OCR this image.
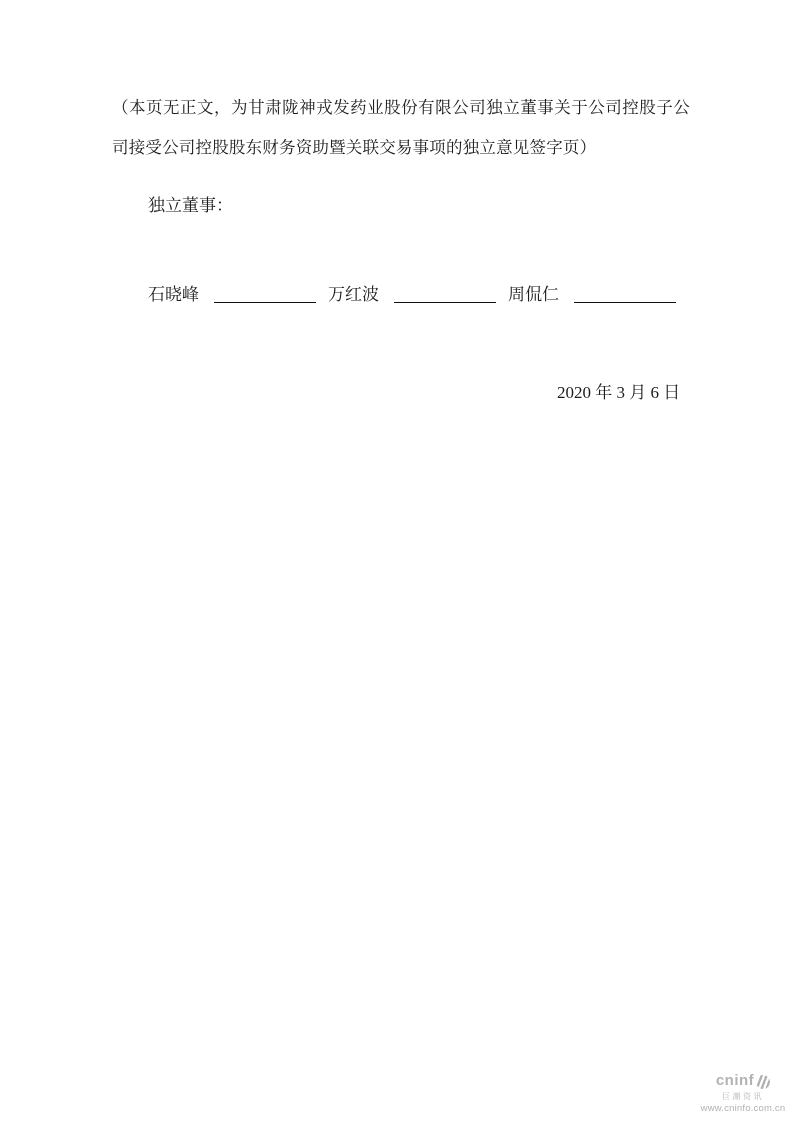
（本页无正文，为甘肃陇神戎发药业股份有限公司独立董事关于公司控股子公司接受公司控股股东财务资助暨关联交易事项的独立意见签字页）

独立董事：
石晓峰	万红波	周侃仁
2020 年 3 月 6 日
cninf
巨潮资讯
www.cninfo.com.cn
